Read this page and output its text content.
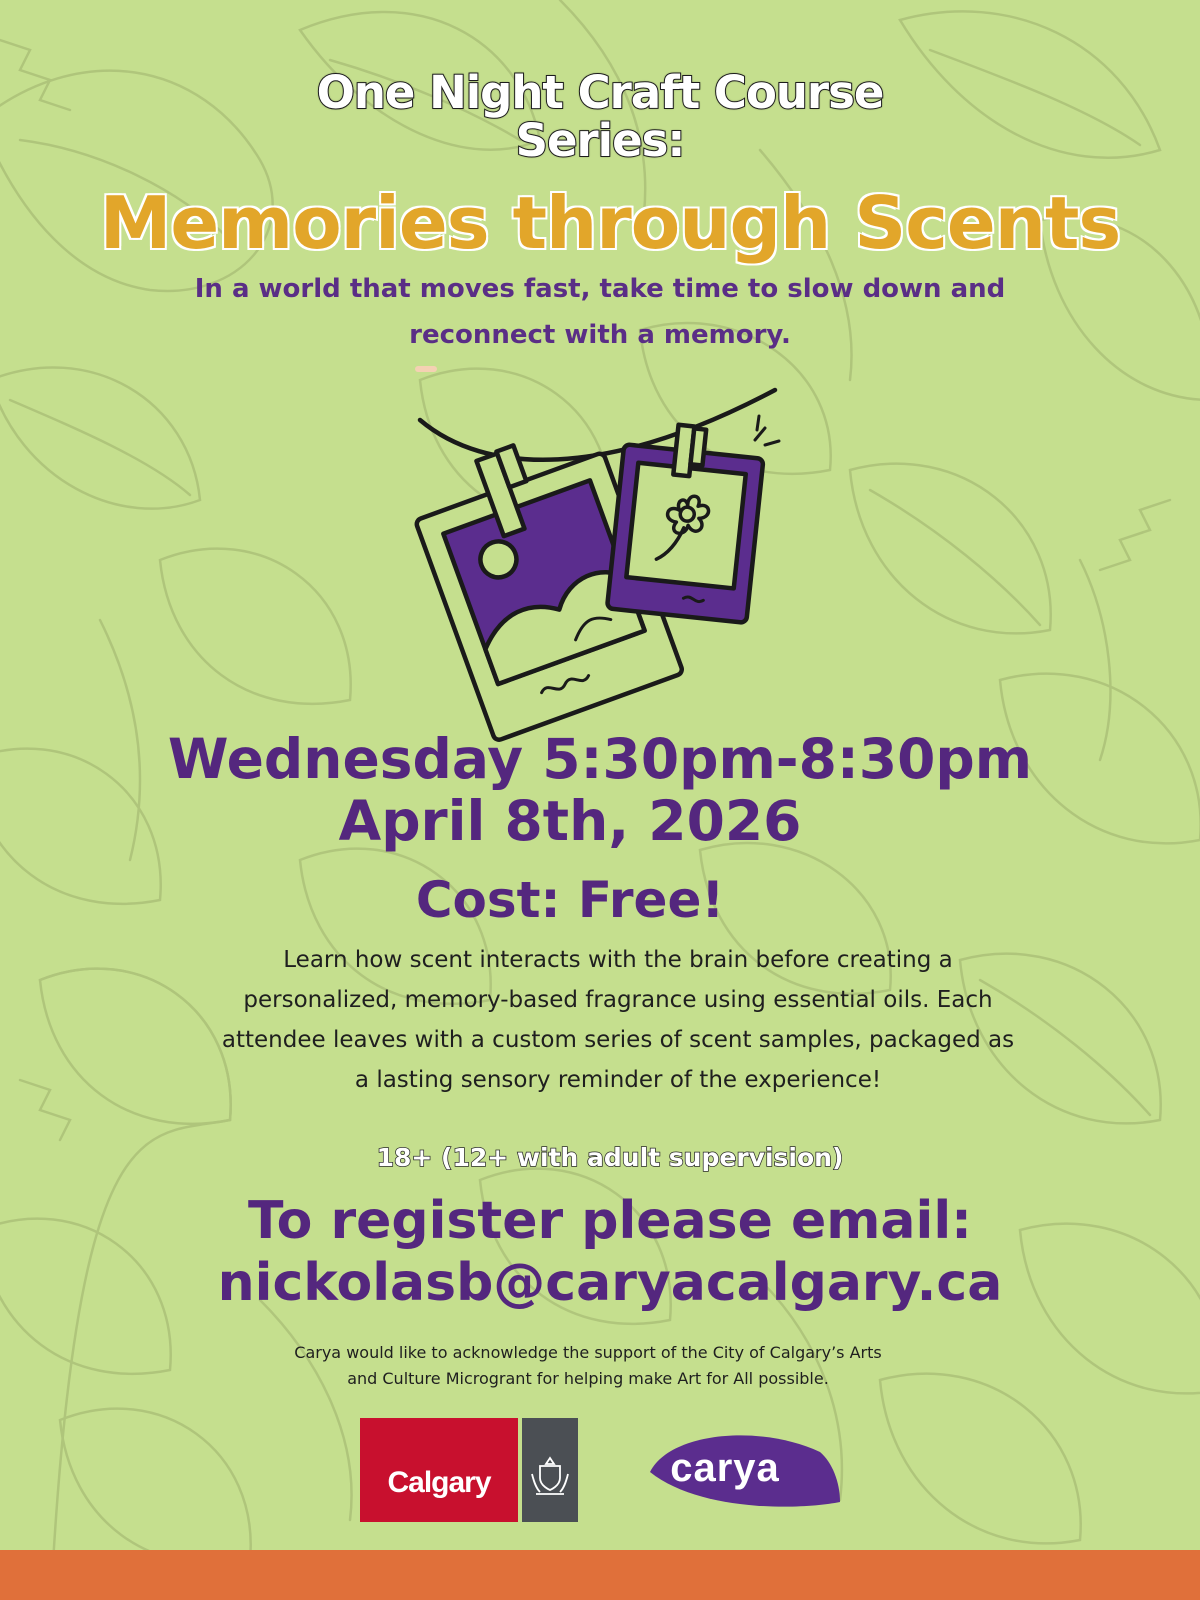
One Night Craft Course
Series:
Memories through Scents
In a world that moves fast, take time to slow down and
reconnect with a memory.
Wednesday 5:30pm-8:30pm
April 8th, 2026
Cost: Free!
Learn how scent interacts with the brain before creating a
personalized, memory-based fragrance using essential oils. Each
attendee leaves with a custom series of scent samples, packaged as
a lasting sensory reminder of the experience!
18+ (12+ with adult supervision)
To register please email:
nickolasb@caryacalgary.ca
Carya would like to acknowledge the support of the City of Calgary’s Arts
and Culture Microgrant for helping make Art for All possible.
Calgary	carya
